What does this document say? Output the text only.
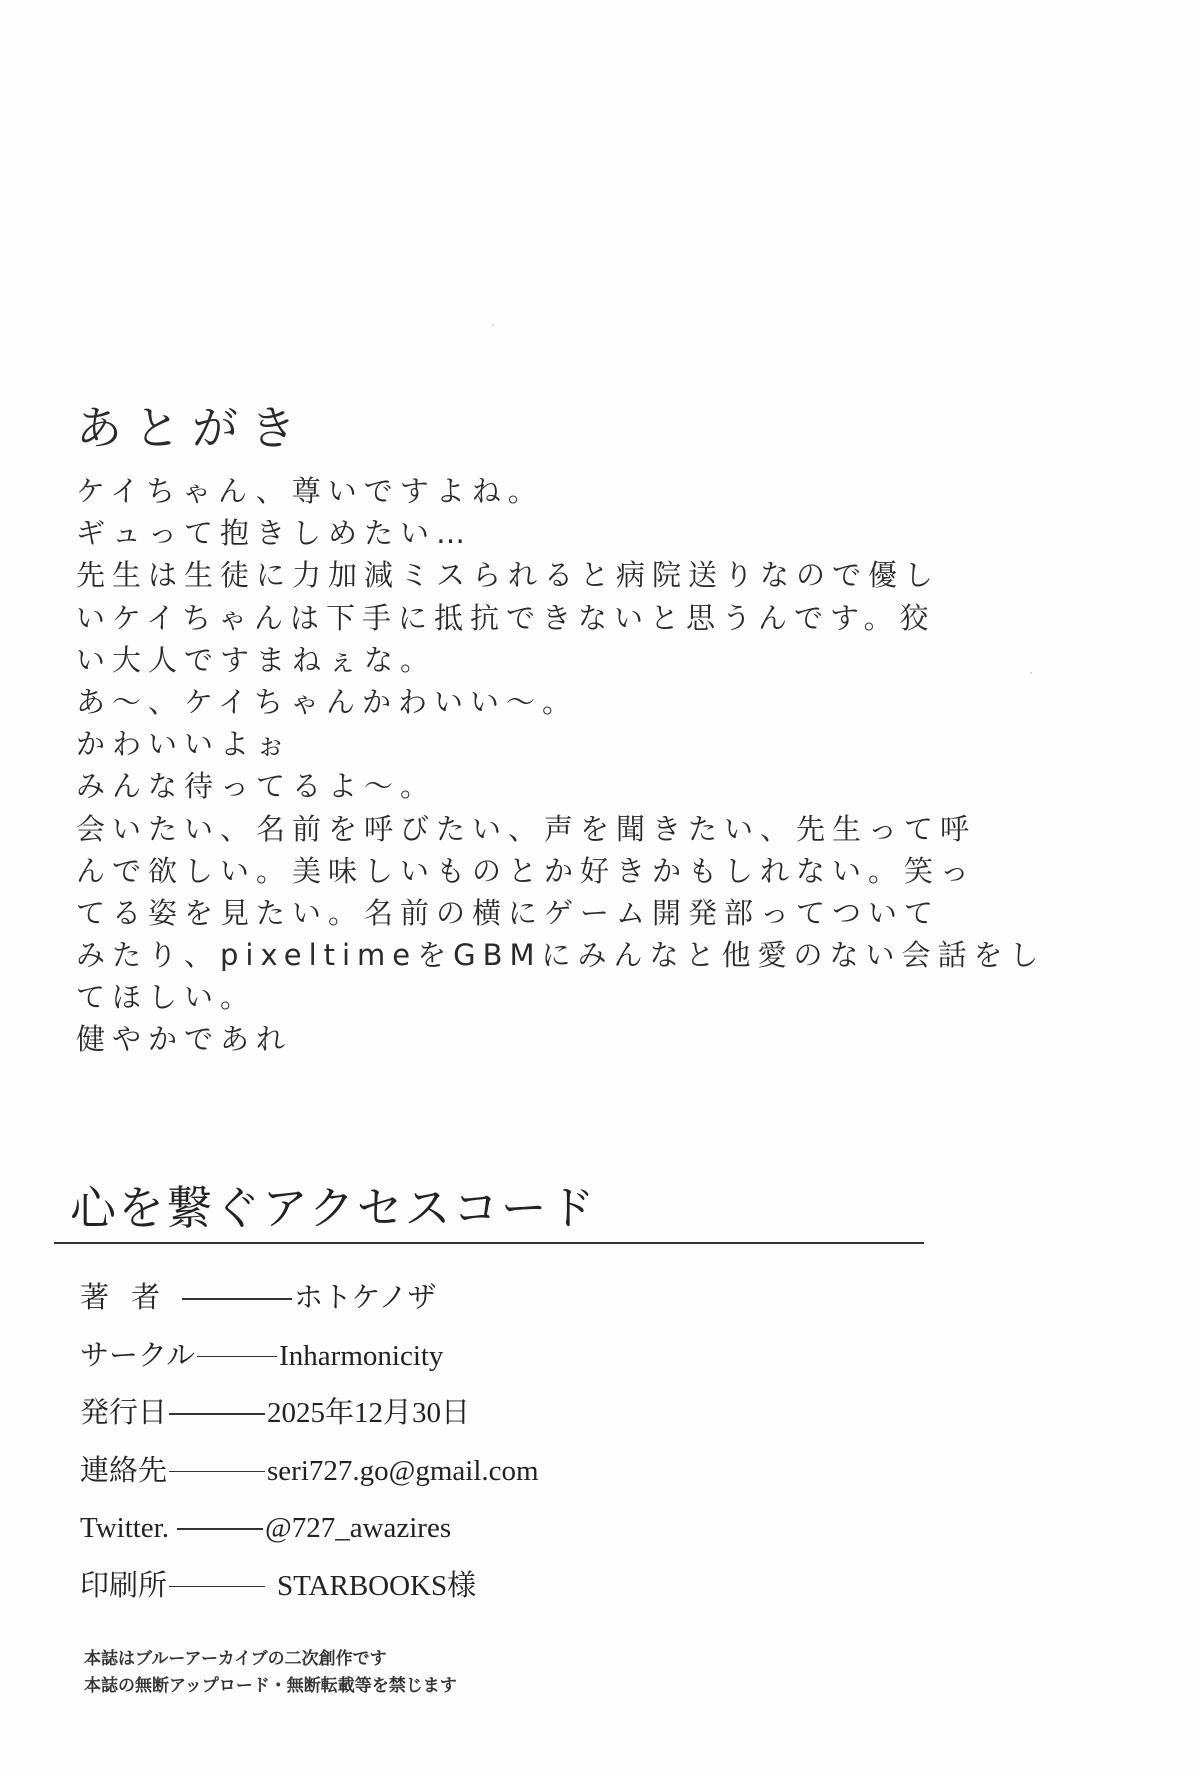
あとがき
ケイちゃん、尊いですよね。
ギュって抱きしめたい…
先生は生徒に力加減ミスられると病院送りなので優し
いケイちゃんは下手に抵抗できないと思うんです。狡
い大人ですまねぇな。
あ～、ケイちゃんかわいい～。
かわいいよぉ
みんな待ってるよ～。
会いたい、名前を呼びたい、声を聞きたい、先生って呼
んで欲しい。美味しいものとか好きかもしれない。笑っ
てる姿を見たい。名前の横にゲーム開発部ってついて
みたり、pixeltimeをGBMにみんなと他愛のない会話をし
てほしい。
健やかであれ
心を繋ぐアクセスコード
著者	ホトケノザ
サークル	Inharmonicity
発行日	2025年12月30日
連絡先	seri727.go@gmail.com
Twitter.	@727_awazires
印刷所	STARBOOKS様
本誌はブルーアーカイブの二次創作です
本誌の無断アップロード・無断転載等を禁じます
